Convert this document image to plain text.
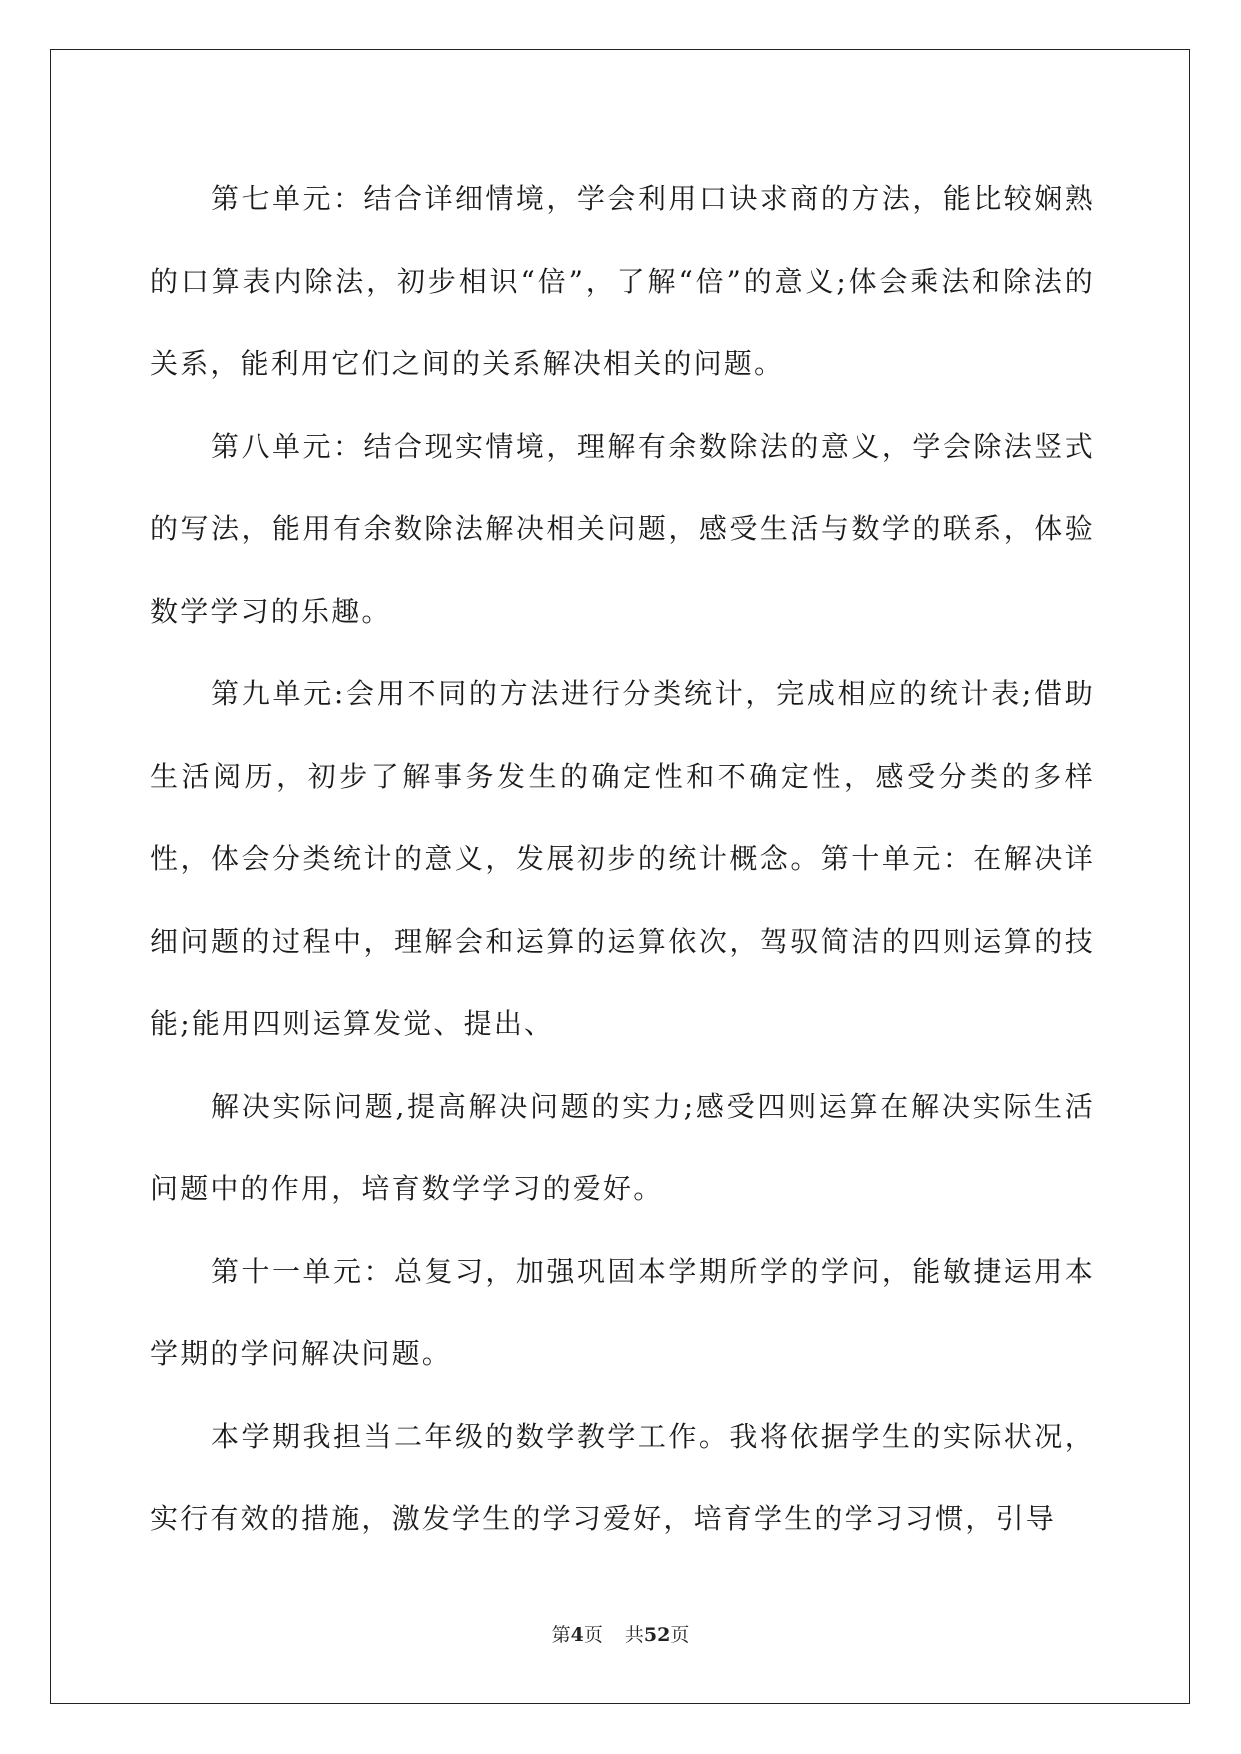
第七单元：结合详细情境，学会利用口诀求商的方法，能比较娴熟的口算表内除法，初步相识“倍”，了解“倍”的意义;体会乘法和除法的关系，能利用它们之间的关系解决相关的问题。

第八单元：结合现实情境，理解有余数除法的意义，学会除法竖式的写法，能用有余数除法解决相关问题，感受生活与数学的联系，体验数学学习的乐趣。

第九单元:会用不同的方法进行分类统计，完成相应的统计表;借助生活阅历，初步了解事务发生的确定性和不确定性，感受分类的多样性，体会分类统计的意义，发展初步的统计概念。第十单元：在解决详细问题的过程中，理解会和运算的运算依次，驾驭简洁的四则运算的技能;能用四则运算发觉、提出、

解决实际问题,提高解决问题的实力;感受四则运算在解决实际生活问题中的作用，培育数学学习的爱好。

第十一单元：总复习，加强巩固本学期所学的学问，能敏捷运用本学期的学问解决问题。

本学期我担当二年级的数学教学工作。我将依据学生的实际状况，实行有效的措施，激发学生的学习爱好，培育学生的学习习惯，引导

第4页 共52页
